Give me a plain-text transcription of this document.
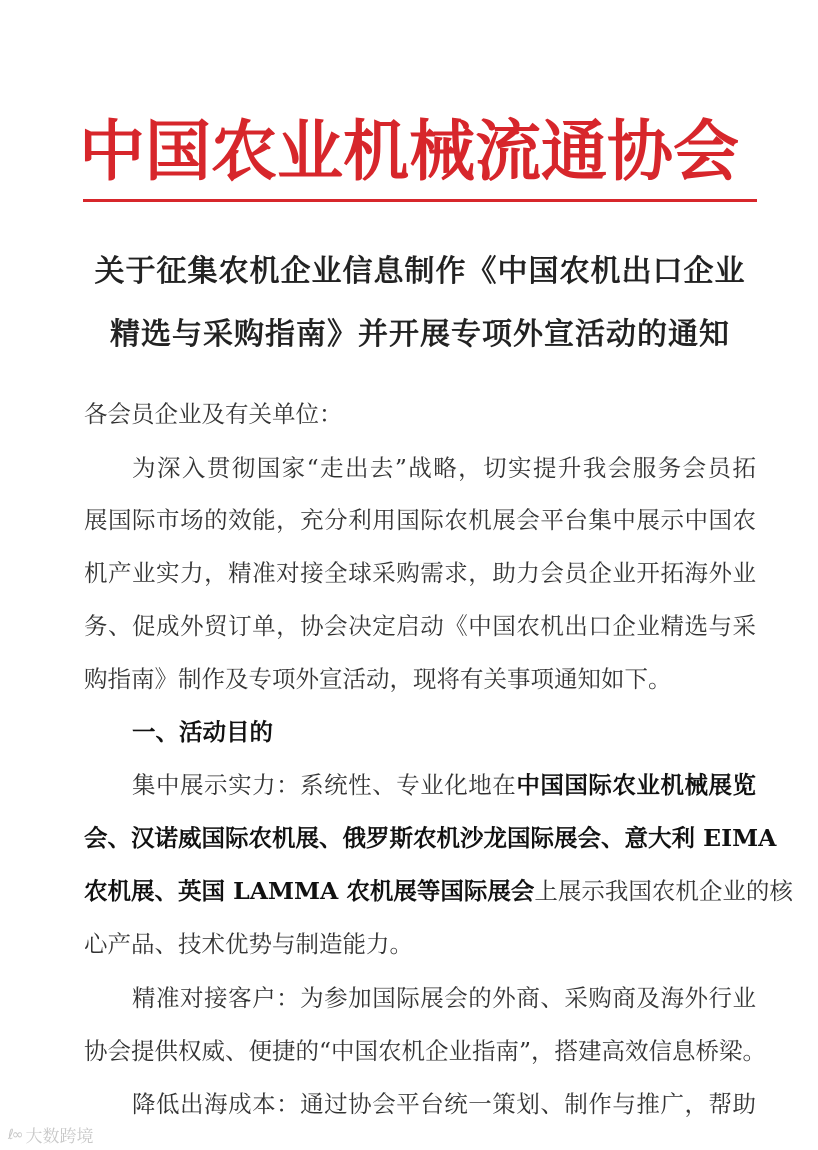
中国农业机械流通协会
关于征集农机企业信息制作《中国农机出口企业
精选与采购指南》并开展专项外宣活动的通知
各会员企业及有关单位：
为深入贯彻国家“走出去”战略，切实提升我会服务会员拓
展国际市场的效能，充分利用国际农机展会平台集中展示中国农
机产业实力，精准对接全球采购需求，助力会员企业开拓海外业
务、促成外贸订单，协会决定启动《中国农机出口企业精选与采
购指南》制作及专项外宣活动，现将有关事项通知如下。
一、活动目的
集中展示实力：系统性、专业化地在中国国际农业机械展览
会、汉诺威国际农机展、俄罗斯农机沙龙国际展会、意大利 EIMA
农机展、英国 LAMMA 农机展等国际展会上展示我国农机企业的核
心产品、技术优势与制造能力。
精准对接客户：为参加国际展会的外商、采购商及海外行业
协会提供权威、便捷的“中国农机企业指南”，搭建高效信息桥梁。
降低出海成本：通过协会平台统一策划、制作与推广，帮助
ℓ∞ 大数跨境
